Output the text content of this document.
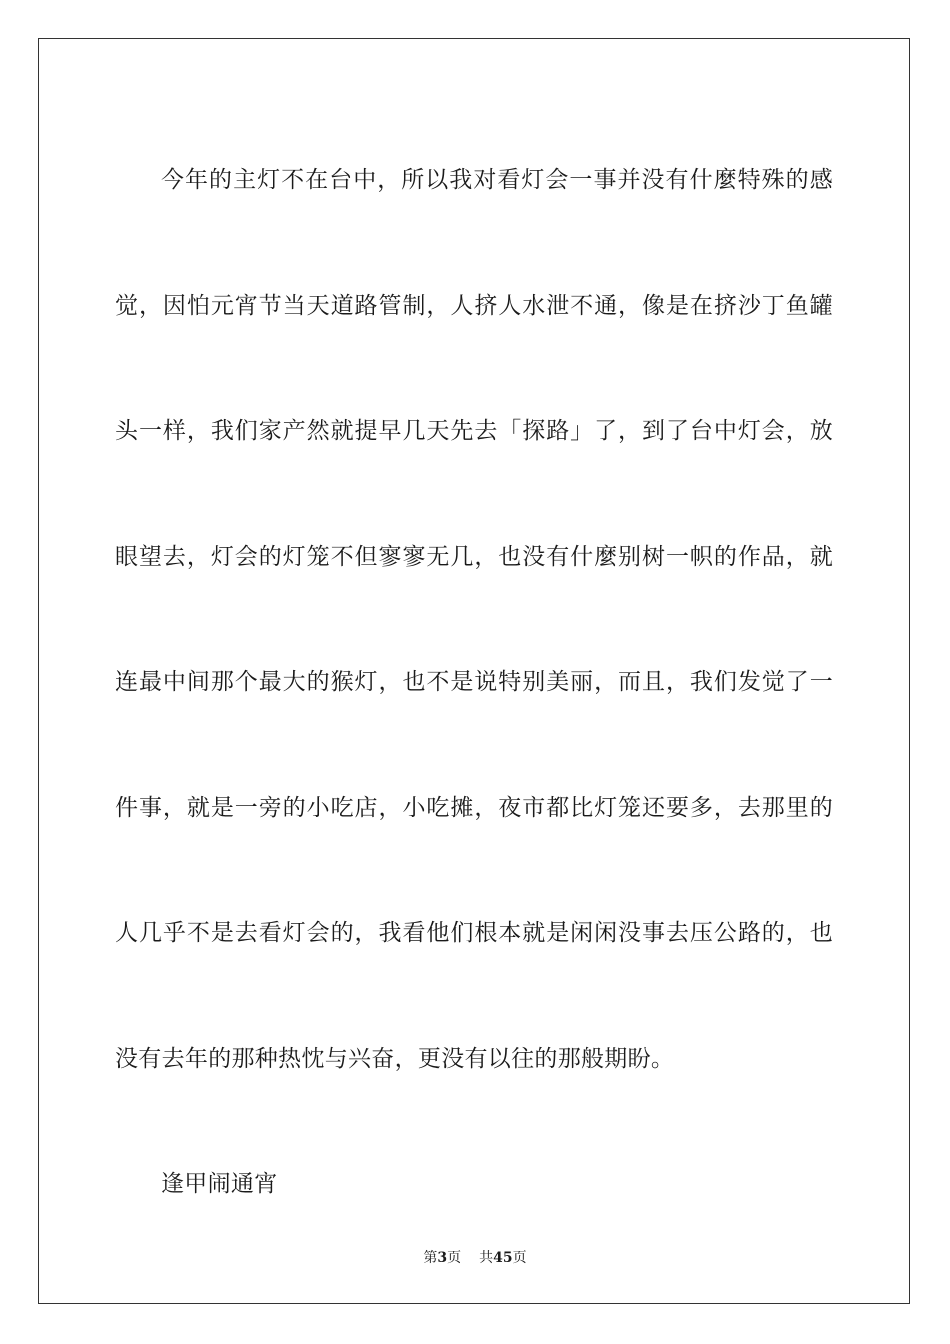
今年的主灯不在台中，所以我对看灯会一事并没有什麼特殊的感觉，因怕元宵节当天道路管制，人挤人水泄不通，像是在挤沙丁鱼罐头一样，我们家产然就提早几天先去「探路」了，到了台中灯会，放眼望去，灯会的灯笼不但寥寥无几，也没有什麼别树一帜的作品，就连最中间那个最大的猴灯，也不是说特别美丽，而且，我们发觉了一件事，就是一旁的小吃店，小吃摊，夜市都比灯笼还要多，去那里的人几乎不是去看灯会的，我看他们根本就是闲闲没事去压公路的，也没有去年的那种热忱与兴奋，更没有以往的那般期盼。

逢甲闹通宵

第3页 共45页
